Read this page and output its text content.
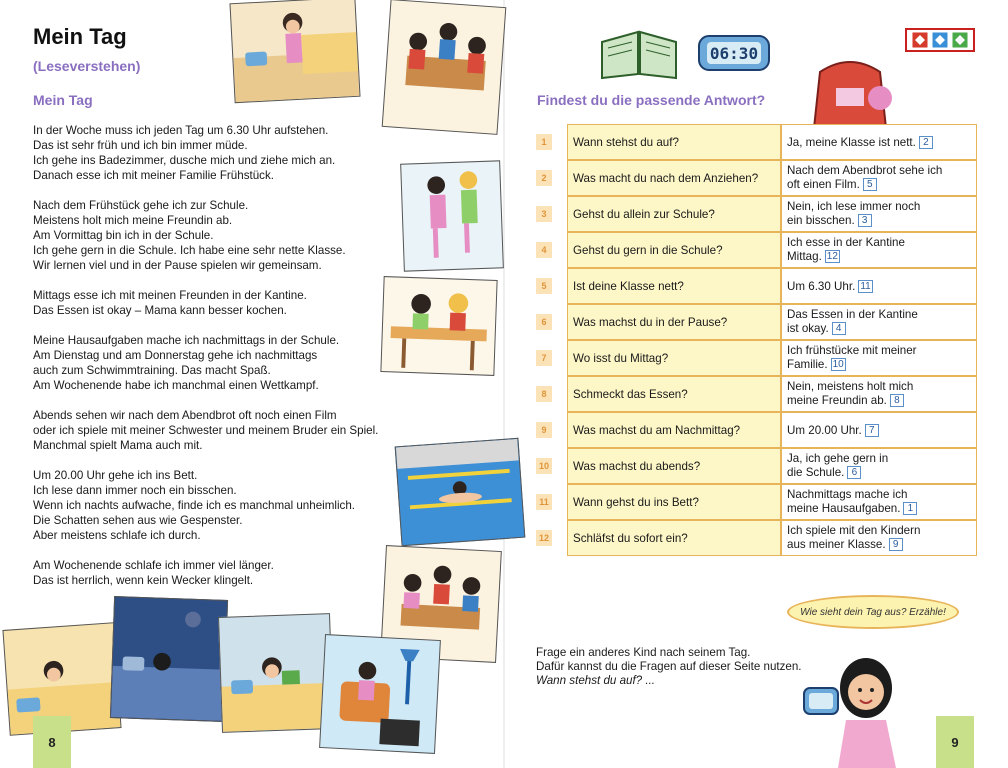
Mein Tag
(Leseverstehen)
Mein Tag

In der Woche muss ich jeden Tag um 6.30 Uhr aufstehen.
Das ist sehr früh und ich bin immer müde.
Ich gehe ins Badezimmer, dusche mich und ziehe mich an.
Danach esse ich mit meiner Familie Frühstück.

Nach dem Frühstück gehe ich zur Schule.
Meistens holt mich meine Freundin ab.
Am Vormittag bin ich in der Schule.
Ich gehe gern in die Schule. Ich habe eine sehr nette Klasse.
Wir lernen viel und in der Pause spielen wir gemeinsam.

Mittags esse ich mit meinen Freunden in der Kantine.
Das Essen ist okay – Mama kann besser kochen.

Meine Hausaufgaben mache ich nachmittags in der Schule.
Am Dienstag und am Donnerstag gehe ich nachmittags
auch zum Schwimmtraining. Das macht Spaß.
Am Wochenende habe ich manchmal einen Wettkampf.

Abends sehen wir nach dem Abendbrot oft noch einen Film
oder ich spiele mit meiner Schwester und meinem Bruder ein Spiel.
Manchmal spielt Mama auch mit.

Um 20.00 Uhr gehe ich ins Bett.
Ich lese dann immer noch ein bisschen.
Wenn ich nachts aufwache, finde ich es manchmal unheimlich.
Die Schatten sehen aus wie Gespenster.
Aber meistens schlafe ich durch.

Am Wochenende schlafe ich immer viel länger.
Das ist herrlich, wenn kein Wecker klingelt.

8
06:30
Findest du die passende Antwort?
1	Wann stehst du auf?	Ja, meine Klasse ist nett. 2
2	Was macht du nach dem Anziehen?
Nach dem Abendbrot sehe ich
oft einen Film. 5
3	Gehst du allein zur Schule?
Nein, ich lese immer noch
ein bisschen. 3
4	Gehst du gern in die Schule?
Ich esse in der Kantine
Mittag. 12
5	Ist deine Klasse nett?	Um 6.30 Uhr. 11
6	Was machst du in der Pause?
Das Essen in der Kantine
ist okay. 4
7	Wo isst du Mittag?
Ich frühstücke mit meiner
Familie. 10
8	Schmeckt das Essen?
Nein, meistens holt mich
meine Freundin ab. 8
9	Was machst du am Nachmittag?	Um 20.00 Uhr. 7
10	Was machst du abends?
Ja, ich gehe gern in
die Schule. 6
11	Wann gehst du ins Bett?
Nachmittags mache ich
meine Hausaufgaben. 1
12	Schläfst du sofort ein?
Ich spiele mit den Kindern
aus meiner Klasse. 9
Wie sieht dein Tag aus? Erzähle!
Frage ein anderes Kind nach seinem Tag.
Dafür kannst du die Fragen auf dieser Seite nutzen.
Wann stehst du auf? ...
9
